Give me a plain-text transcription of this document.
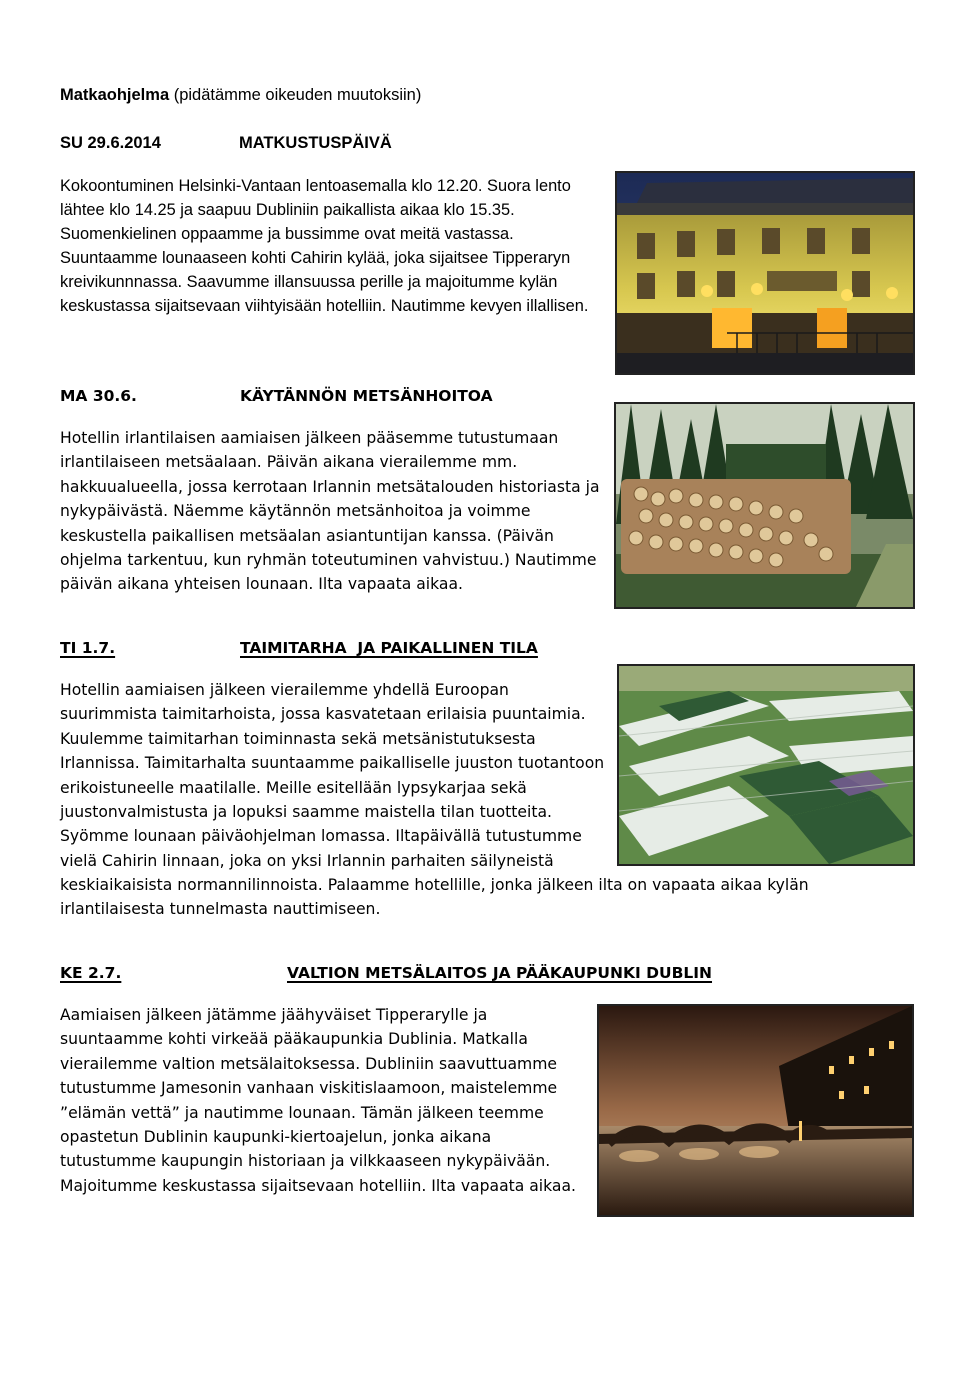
Matkaohjelma (pidätämme oikeuden muutoksiin)
SU 29.6.2014	MATKUSTUSPÄIVÄ

Kokoontuminen Helsinki-Vantaan lentoasemalla klo 12.20. Suora lento lähtee klo 14.25 ja saapuu Dubliniin paikallista aikaa klo 15.35. Suomenkielinen oppaamme ja bussimme ovat meitä vastassa. Suuntaamme lounaaseen kohti Cahirin kylää, joka sijaitsee Tipperaryn kreivikunnnassa. Saavumme illansuussa perille ja majoitumme kylän keskustassa sijaitsevaan viihtyisään hotelliin. Nautimme kevyen illallisen.

MA 30.6.	KÄYTÄNNÖN METSÄNHOITOA

Hotellin irlantilaisen aamiaisen jälkeen pääsemme tutustumaan irlantilaiseen metsäalaan. Päivän aikana vierailemme mm. hakkuualueella, jossa kerrotaan Irlannin metsätalouden historiasta ja nykypäivästä. Näemme käytännön metsänhoitoa ja voimme keskustella paikallisen metsäalan asiantuntijan kanssa. (Päivän ohjelma tarkentuu, kun ryhmän toteutuminen vahvistuu.) Nautimme päivän aikana yhteisen lounaan. Ilta vapaata aikaa.

TI 1.7.	TAIMITARHA  JA PAIKALLINEN TILA

Hotellin aamiaisen jälkeen vierailemme yhdellä Euroopan suurimmista taimitarhoista, jossa kasvatetaan erilaisia puuntaimia. Kuulemme taimitarhan toiminnasta sekä metsänistutuksesta Irlannissa. Taimitarhalta suuntaamme paikalliselle juuston tuotantoon erikoistuneelle maatilalle. Meille esitellään lypsykarjaa sekä juustonvalmistusta ja lopuksi saamme maistella tilan tuotteita. Syömme lounaan päiväohjelman lomassa. Iltapäivällä tutustumme vielä Cahirin linnaan, joka on yksi Irlannin parhaiten säilyneistä

keskiaikaisista normannilinnoista. Palaamme hotellille, jonka jälkeen ilta on vapaata aikaa kylän irlantilaisesta tunnelmasta nauttimiseen.

KE 2.7.	VALTION METSÄLAITOS JA PÄÄKAUPUNKI DUBLIN

Aamiaisen jälkeen jätämme jäähyväiset Tipperarylle ja suuntaamme kohti virkeää pääkaupunkia Dublinia. Matkalla vierailemme valtion metsälaitoksessa. Dubliniin saavuttuamme tutustumme Jamesonin vanhaan viskitislaamoon, maistelemme ”elämän vettä” ja nautimme lounaan. Tämän jälkeen teemme opastetun Dublinin kaupunki-kiertoajelun, jonka aikana tutustumme kaupungin historiaan ja vilkkaaseen nykypäivään. Majoitumme keskustassa sijaitsevaan hotelliin. Ilta vapaata aikaa.
